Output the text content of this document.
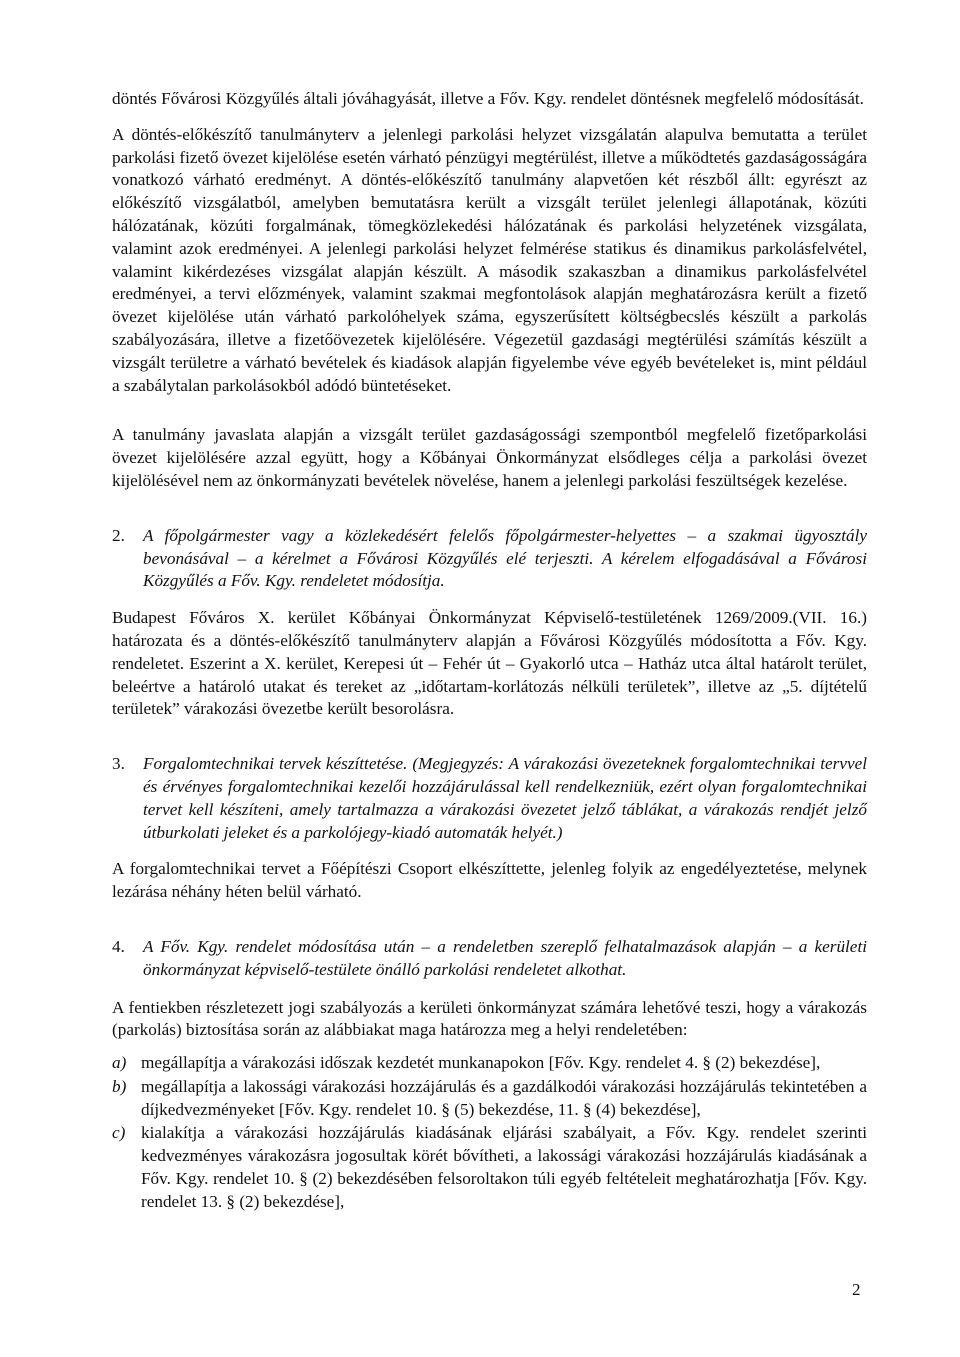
döntés Fővárosi Közgyűlés általi jóváhagyását, illetve a Főv. Kgy. rendelet döntésnek megfelelő módosítását.

A döntés-előkészítő tanulmányterv a jelenlegi parkolási helyzet vizsgálatán alapulva bemutatta a terület parkolási fizető övezet kijelölése esetén várható pénzügyi megtérülést, illetve a működtetés gazdaságosságára vonatkozó várható eredményt. A döntés-előkészítő tanulmány alapvetően két részből állt: egyrészt az előkészítő vizsgálatból, amelyben bemutatásra került a vizsgált terület jelenlegi állapotának, közúti hálózatának, közúti forgalmának, tömegközlekedési hálózatának és parkolási helyzetének vizsgálata, valamint azok eredményei. A jelenlegi parkolási helyzet felmérése statikus és dinamikus parkolásfelvétel, valamint kikérdezéses vizsgálat alapján készült. A második szakaszban a dinamikus parkolásfelvétel eredményei, a tervi előzmények, valamint szakmai megfontolások alapján meghatározásra került a fizető övezet kijelölése után várható parkolóhelyek száma, egyszerűsített költségbecslés készült a parkolás szabályozására, illetve a fizetőövezetek kijelölésére. Végezetül gazdasági megtérülési számítás készült a vizsgált területre a várható bevételek és kiadások alapján figyelembe véve egyéb bevételeket is, mint például a szabálytalan parkolásokból adódó büntetéseket.

A tanulmány javaslata alapján a vizsgált terület gazdaságossági szempontból megfelelő fizetőparkolási övezet kijelölésére azzal együtt, hogy a Kőbányai Önkormányzat elsődleges célja a parkolási övezet kijelölésével nem az önkormányzati bevételek növelése, hanem a jelenlegi parkolási feszültségek kezelése.

2.	A főpolgármester vagy a közlekedésért felelős főpolgármester-helyettes – a szakmai ügyosztály bevonásával – a kérelmet a Fővárosi Közgyűlés elé terjeszti. A kérelem elfogadásával a Fővárosi Közgyűlés a Főv. Kgy. rendeletet módosítja.

Budapest Főváros X. kerület Kőbányai Önkormányzat Képviselő-testületének 1269/2009.(VII. 16.) határozata és a döntés-előkészítő tanulmányterv alapján a Fővárosi Közgyűlés módosította a Főv. Kgy. rendeletet. Eszerint a X. kerület, Kerepesi út – Fehér út – Gyakorló utca – Hatház utca által határolt terület, beleértve a határoló utakat és tereket az „időtartam-korlátozás nélküli területek”, illetve az „5. díjtételű területek” várakozási övezetbe került besorolásra.

3.	Forgalomtechnikai tervek készíttetése. (Megjegyzés: A várakozási övezeteknek forgalomtechnikai tervvel és érvényes forgalomtechnikai kezelői hozzájárulással kell rendelkezniük, ezért olyan forgalomtechnikai tervet kell készíteni, amely tartalmazza a várakozási övezetet jelző táblákat, a várakozás rendjét jelző útburkolati jeleket és a parkolójegy-kiadó automaták helyét.)

A forgalomtechnikai tervet a Főépítészi Csoport elkészíttette, jelenleg folyik az engedélyeztetése, melynek lezárása néhány héten belül várható.

4.	A Főv. Kgy. rendelet módosítása után – a rendeletben szereplő felhatalmazások alapján – a kerületi önkormányzat képviselő-testülete önálló parkolási rendeletet alkothat.

A fentiekben részletezett jogi szabályozás a kerületi önkormányzat számára lehetővé teszi, hogy a várakozás (parkolás) biztosítása során az alábbiakat maga határozza meg a helyi rendeletében:

a) megállapítja a várakozási időszak kezdetét munkanapokon [Főv. Kgy. rendelet 4. § (2) bekezdése],
b) megállapítja a lakossági várakozási hozzájárulás és a gazdálkodói várakozási hozzájárulás tekintetében a díjkedvezményeket [Főv. Kgy. rendelet 10. § (5) bekezdése, 11. § (4) bekezdése],
c) kialakítja a várakozási hozzájárulás kiadásának eljárási szabályait, a Főv. Kgy. rendelet szerinti kedvezményes várakozásra jogosultak körét bővítheti, a lakossági várakozási hozzájárulás kiadásának a Főv. Kgy. rendelet 10. § (2) bekezdésében felsoroltakon túli egyéb feltételeit meghatározhatja [Főv. Kgy. rendelet 13. § (2) bekezdése],
2
